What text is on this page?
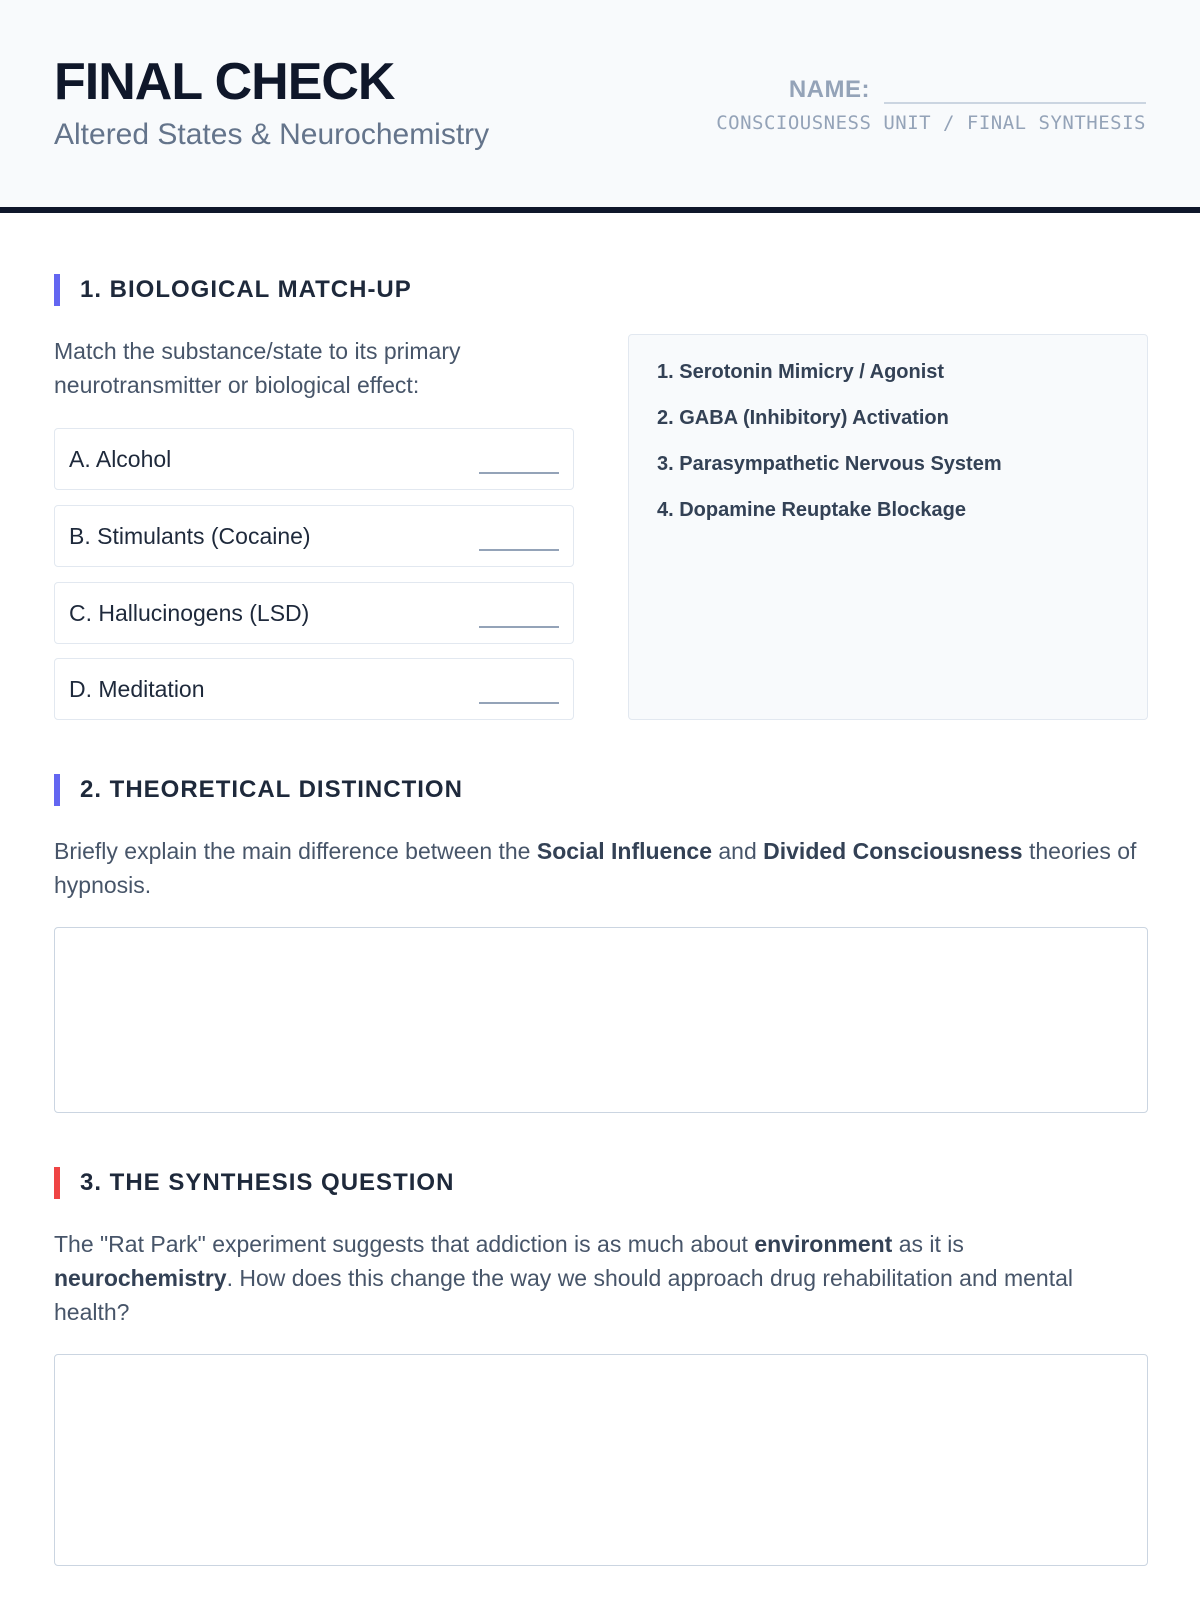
FINAL CHECK
Altered States & Neurochemistry
NAME:
CONSCIOUSNESS UNIT / FINAL SYNTHESIS
1. BIOLOGICAL MATCH-UP
Match the substance/state to its primary neurotransmitter or biological effect:
A. Alcohol
B. Stimulants (Cocaine)
C. Hallucinogens (LSD)
D. Meditation
1. Serotonin Mimicry / Agonist
2. GABA (Inhibitory) Activation
3. Parasympathetic Nervous System
4. Dopamine Reuptake Blockage
2. THEORETICAL DISTINCTION
Briefly explain the main difference between the Social Influence and Divided Consciousness theories of hypnosis.
3. THE SYNTHESIS QUESTION
The "Rat Park" experiment suggests that addiction is as much about environment as it is neurochemistry. How does this change the way we should approach drug rehabilitation and mental health?
